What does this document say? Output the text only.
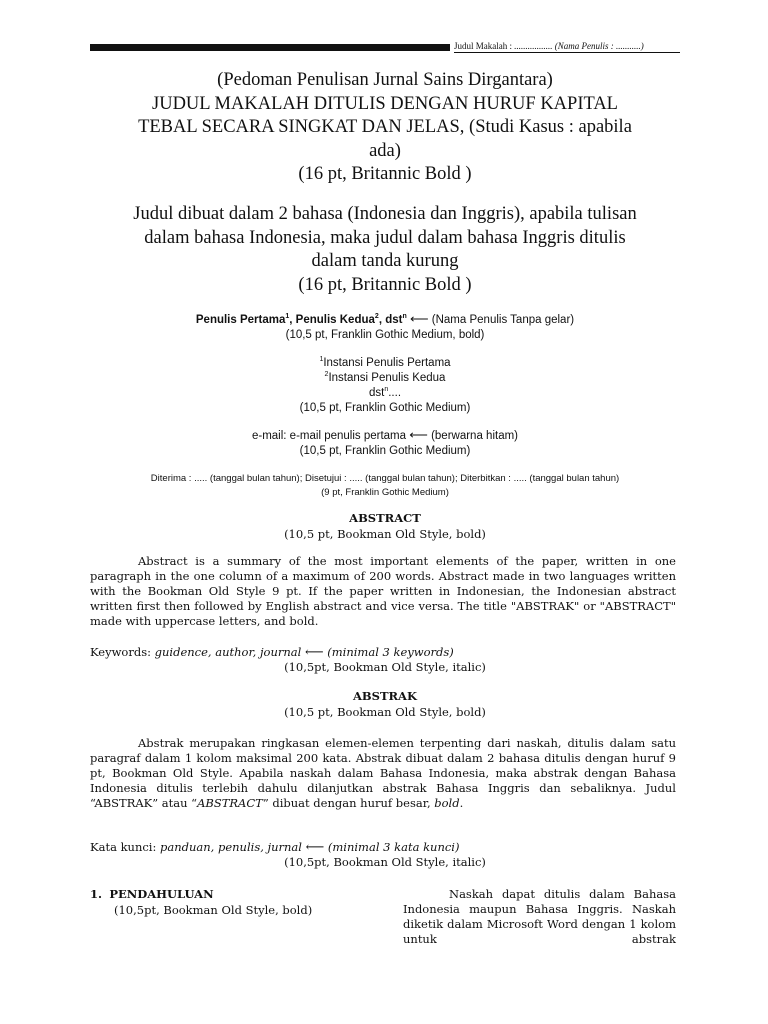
Judul Makalah : ................. (Nama Penulis : ...........)
(Pedoman Penulisan Jurnal Sains Dirgantara)
JUDUL MAKALAH DITULIS DENGAN HURUF KAPITAL
TEBAL SECARA SINGKAT DAN JELAS, (Studi Kasus : apabila
ada)
(16 pt, Britannic Bold )
Judul dibuat dalam 2 bahasa (Indonesia dan Inggris), apabila tulisan
dalam bahasa Indonesia, maka judul dalam bahasa Inggris ditulis
dalam tanda kurung
(16 pt, Britannic Bold )
Penulis Pertama$^1$, Penulis Kedua$^2$, dst$^n$ ⟵ (Nama Penulis Tanpa gelar)
(10,5 pt, Franklin Gothic Medium, bold)
$^1$Instansi Penulis Pertama
$^2$Instansi Penulis Kedua
dst$^n$....
(10,5 pt, Franklin Gothic Medium)
e-mail: e-mail penulis pertama ⟵ (berwarna hitam)
(10,5 pt, Franklin Gothic Medium)
Diterima : ..... (tanggal bulan tahun); Disetujui : ..... (tanggal bulan tahun); Diterbitkan : ..... (tanggal bulan tahun)
(9 pt, Franklin Gothic Medium)
ABSTRACT
(10,5 pt, Bookman Old Style, bold)
Abstract is a summary of the most important elements of the paper, written in one paragraph in the one column of a maximum of 200 words. Abstract made in two languages written with the Bookman Old Style 9 pt. If the paper written in Indonesian, the Indonesian abstract written first then followed by English abstract and vice versa. The title "ABSTRAK" or "ABSTRACT" made with uppercase letters, and bold.
Keywords: guidence, author, journal ⟵ (minimal 3 keywords)
(10,5pt, Bookman Old Style, italic)
ABSTRAK
(10,5 pt, Bookman Old Style, bold)
Abstrak merupakan ringkasan elemen-elemen terpenting dari naskah, ditulis dalam satu paragraf dalam 1 kolom maksimal 200 kata. Abstrak dibuat dalam 2 bahasa ditulis dengan huruf 9 pt, Bookman Old Style. Apabila naskah dalam Bahasa Indonesia, maka abstrak dengan Bahasa Indonesia ditulis terlebih dahulu dilanjutkan abstrak Bahasa Inggris dan sebaliknya. Judul “ABSTRAK” atau “ABSTRACT” dibuat dengan huruf besar, bold.
Kata kunci: panduan, penulis, jurnal ⟵ (minimal 3 kata kunci)
(10,5pt, Bookman Old Style, italic)
1. PENDAHULUAN
(10,5pt, Bookman Old Style, bold)
Naskah dapat ditulis dalam Bahasa Indonesia maupun Bahasa Inggris. Naskah diketik dalam Microsoft Word dengan 1 kolom untuk abstrak
